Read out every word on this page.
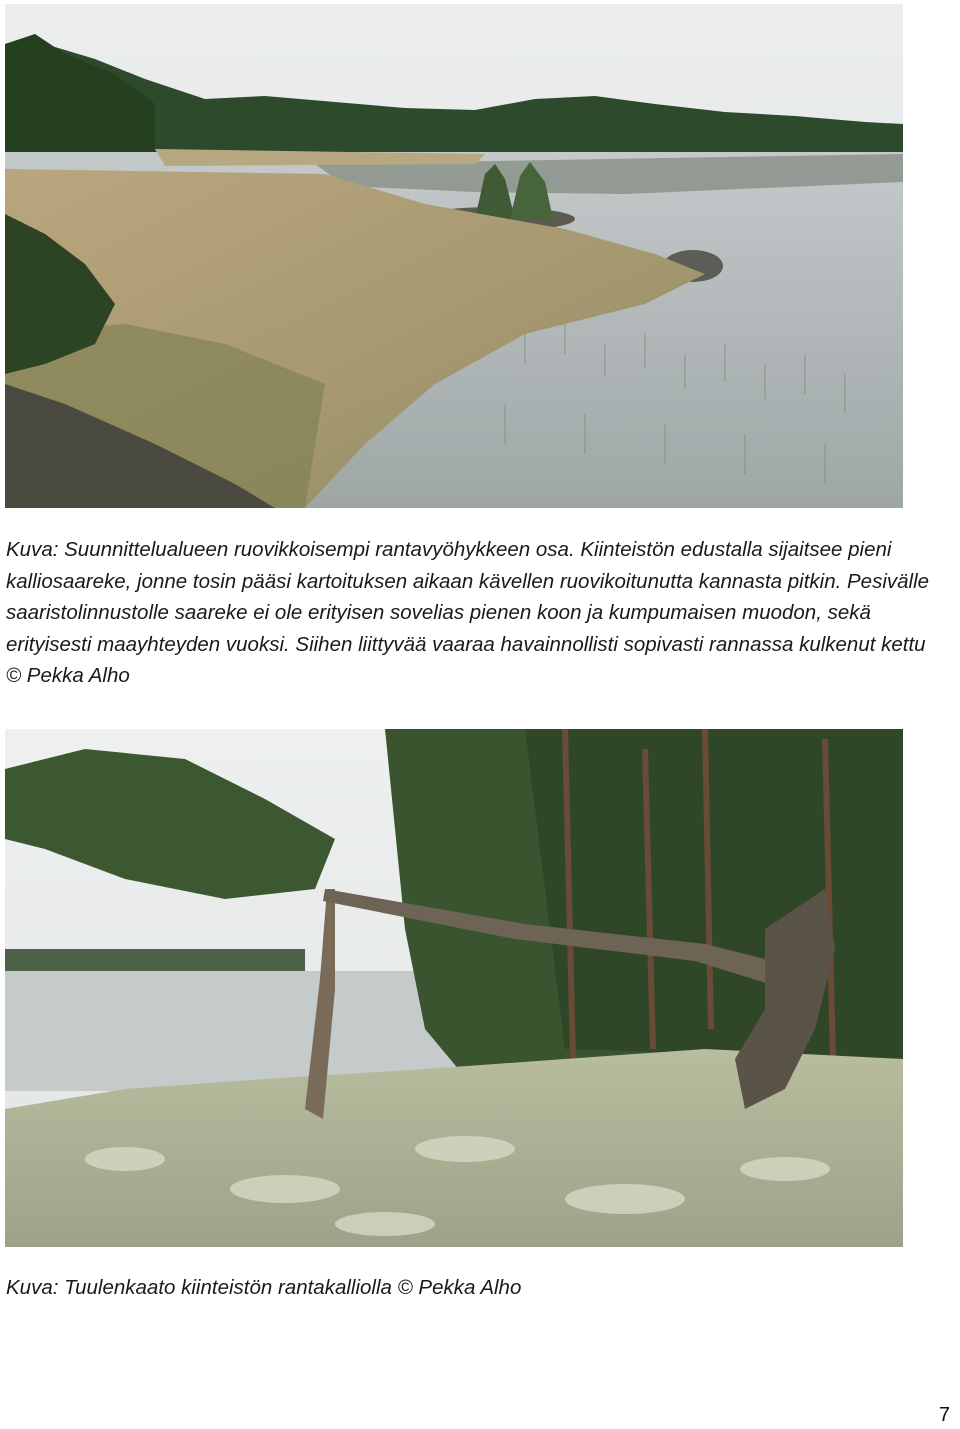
Kuva: Suunnittelualueen ruovikkoisempi rantavyöhykkeen osa. Kiinteistön edustalla sijaitsee pieni kalliosaareke, jonne tosin pääsi kartoituksen aikaan kävellen ruovikoitunutta kannasta pitkin. Pesivälle saaristolinnustolle saareke ei ole erityisen sovelias pienen koon ja kumpumaisen muodon, sekä erityisesti maayhteyden vuoksi. Siihen liittyvää vaaraa havainnollisti sopivasti rannassa kulkenut kettu © Pekka Alho

Kuva: Tuulenkaato kiinteistön rantakalliolla © Pekka Alho

7
